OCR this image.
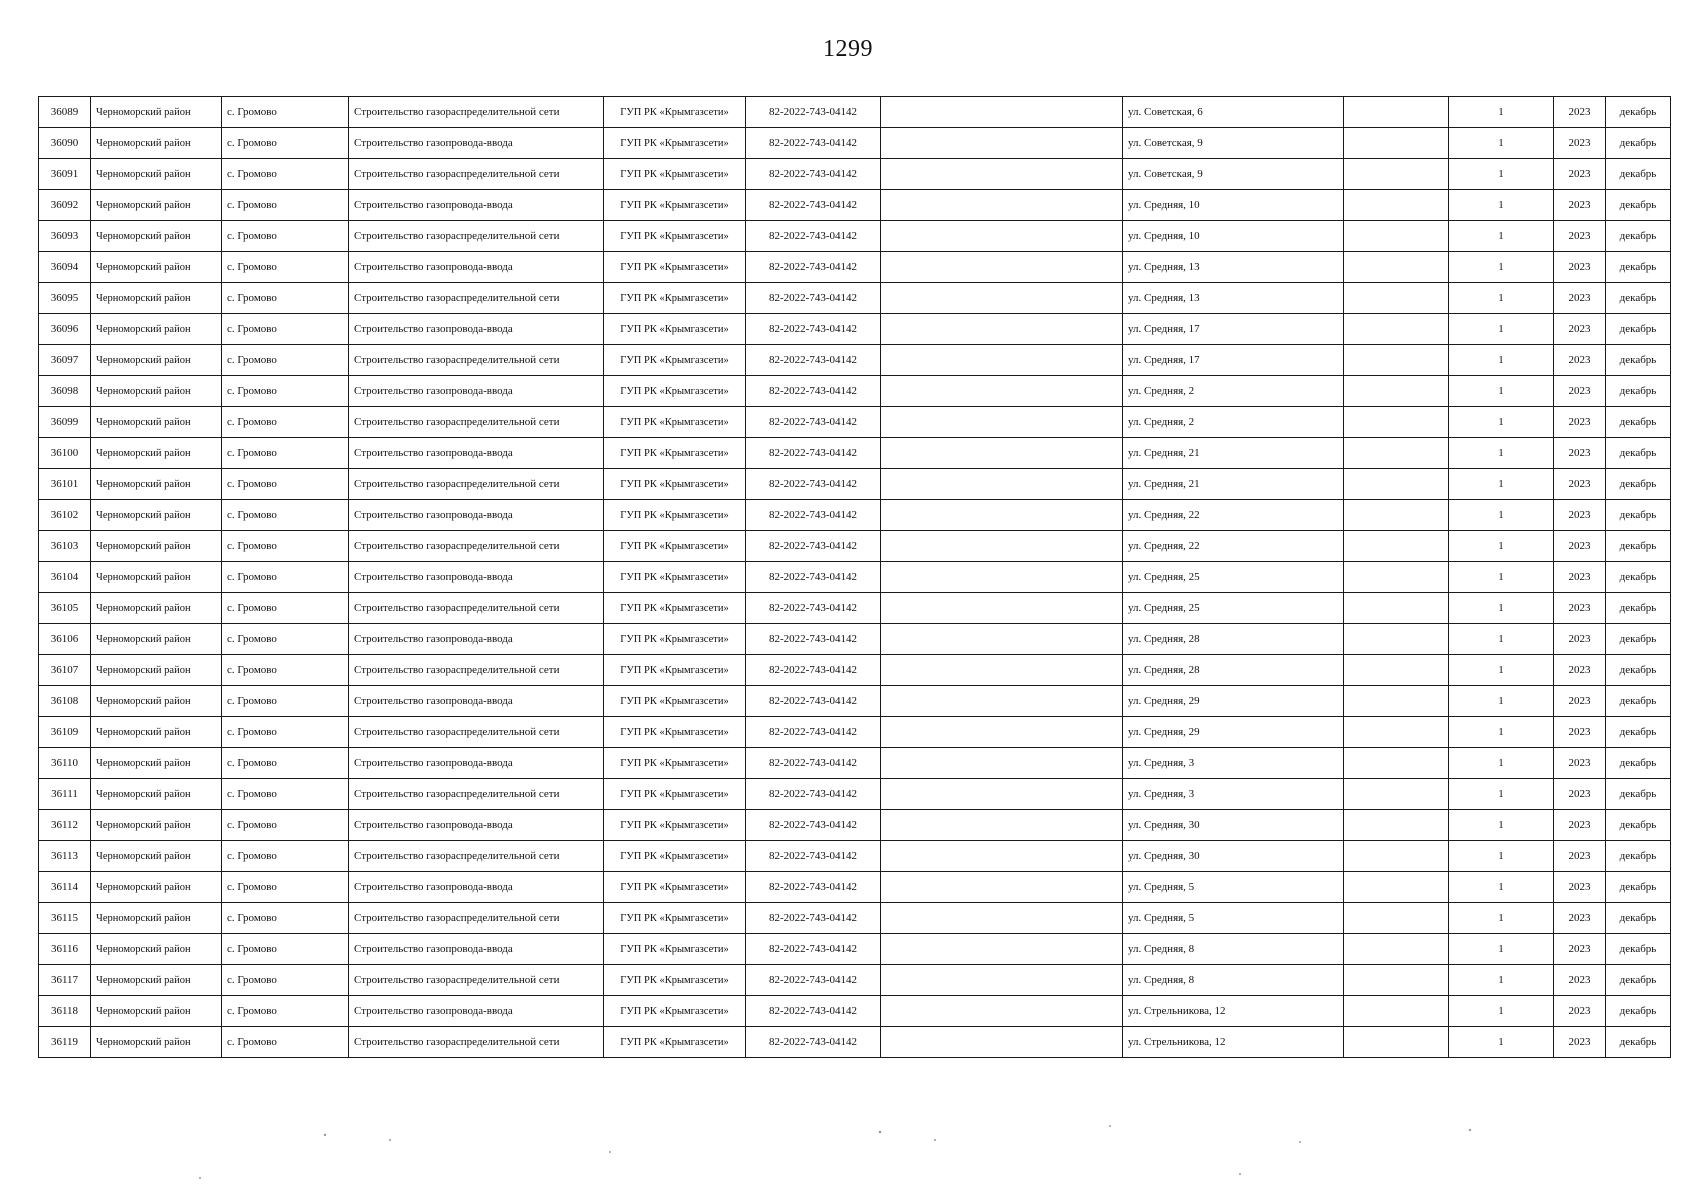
1299
36089	Черноморский район	с. Громово	Строительство газораспределительной сети	ГУП РК «Крымгазсети»	82-2022-743-04142		ул. Советская, 6		1	2023	декабрь
36090	Черноморский район	с. Громово	Строительство газопровода-ввода	ГУП РК «Крымгазсети»	82-2022-743-04142		ул. Советская, 9		1	2023	декабрь
36091	Черноморский район	с. Громово	Строительство газораспределительной сети	ГУП РК «Крымгазсети»	82-2022-743-04142		ул. Советская, 9		1	2023	декабрь
36092	Черноморский район	с. Громово	Строительство газопровода-ввода	ГУП РК «Крымгазсети»	82-2022-743-04142		ул. Средняя, 10		1	2023	декабрь
36093	Черноморский район	с. Громово	Строительство газораспределительной сети	ГУП РК «Крымгазсети»	82-2022-743-04142		ул. Средняя, 10		1	2023	декабрь
36094	Черноморский район	с. Громово	Строительство газопровода-ввода	ГУП РК «Крымгазсети»	82-2022-743-04142		ул. Средняя, 13		1	2023	декабрь
36095	Черноморский район	с. Громово	Строительство газораспределительной сети	ГУП РК «Крымгазсети»	82-2022-743-04142		ул. Средняя, 13		1	2023	декабрь
36096	Черноморский район	с. Громово	Строительство газопровода-ввода	ГУП РК «Крымгазсети»	82-2022-743-04142		ул. Средняя, 17		1	2023	декабрь
36097	Черноморский район	с. Громово	Строительство газораспределительной сети	ГУП РК «Крымгазсети»	82-2022-743-04142		ул. Средняя, 17		1	2023	декабрь
36098	Черноморский район	с. Громово	Строительство газопровода-ввода	ГУП РК «Крымгазсети»	82-2022-743-04142		ул. Средняя, 2		1	2023	декабрь
36099	Черноморский район	с. Громово	Строительство газораспределительной сети	ГУП РК «Крымгазсети»	82-2022-743-04142		ул. Средняя, 2		1	2023	декабрь
36100	Черноморский район	с. Громово	Строительство газопровода-ввода	ГУП РК «Крымгазсети»	82-2022-743-04142		ул. Средняя, 21		1	2023	декабрь
36101	Черноморский район	с. Громово	Строительство газораспределительной сети	ГУП РК «Крымгазсети»	82-2022-743-04142		ул. Средняя, 21		1	2023	декабрь
36102	Черноморский район	с. Громово	Строительство газопровода-ввода	ГУП РК «Крымгазсети»	82-2022-743-04142		ул. Средняя, 22		1	2023	декабрь
36103	Черноморский район	с. Громово	Строительство газораспределительной сети	ГУП РК «Крымгазсети»	82-2022-743-04142		ул. Средняя, 22		1	2023	декабрь
36104	Черноморский район	с. Громово	Строительство газопровода-ввода	ГУП РК «Крымгазсети»	82-2022-743-04142		ул. Средняя, 25		1	2023	декабрь
36105	Черноморский район	с. Громово	Строительство газораспределительной сети	ГУП РК «Крымгазсети»	82-2022-743-04142		ул. Средняя, 25		1	2023	декабрь
36106	Черноморский район	с. Громово	Строительство газопровода-ввода	ГУП РК «Крымгазсети»	82-2022-743-04142		ул. Средняя, 28		1	2023	декабрь
36107	Черноморский район	с. Громово	Строительство газораспределительной сети	ГУП РК «Крымгазсети»	82-2022-743-04142		ул. Средняя, 28		1	2023	декабрь
36108	Черноморский район	с. Громово	Строительство газопровода-ввода	ГУП РК «Крымгазсети»	82-2022-743-04142		ул. Средняя, 29		1	2023	декабрь
36109	Черноморский район	с. Громово	Строительство газораспределительной сети	ГУП РК «Крымгазсети»	82-2022-743-04142		ул. Средняя, 29		1	2023	декабрь
36110	Черноморский район	с. Громово	Строительство газопровода-ввода	ГУП РК «Крымгазсети»	82-2022-743-04142		ул. Средняя, 3		1	2023	декабрь
36111	Черноморский район	с. Громово	Строительство газораспределительной сети	ГУП РК «Крымгазсети»	82-2022-743-04142		ул. Средняя, 3		1	2023	декабрь
36112	Черноморский район	с. Громово	Строительство газопровода-ввода	ГУП РК «Крымгазсети»	82-2022-743-04142		ул. Средняя, 30		1	2023	декабрь
36113	Черноморский район	с. Громово	Строительство газораспределительной сети	ГУП РК «Крымгазсети»	82-2022-743-04142		ул. Средняя, 30		1	2023	декабрь
36114	Черноморский район	с. Громово	Строительство газопровода-ввода	ГУП РК «Крымгазсети»	82-2022-743-04142		ул. Средняя, 5		1	2023	декабрь
36115	Черноморский район	с. Громово	Строительство газораспределительной сети	ГУП РК «Крымгазсети»	82-2022-743-04142		ул. Средняя, 5		1	2023	декабрь
36116	Черноморский район	с. Громово	Строительство газопровода-ввода	ГУП РК «Крымгазсети»	82-2022-743-04142		ул. Средняя, 8		1	2023	декабрь
36117	Черноморский район	с. Громово	Строительство газораспределительной сети	ГУП РК «Крымгазсети»	82-2022-743-04142		ул. Средняя, 8		1	2023	декабрь
36118	Черноморский район	с. Громово	Строительство газопровода-ввода	ГУП РК «Крымгазсети»	82-2022-743-04142		ул. Стрельникова, 12		1	2023	декабрь
36119	Черноморский район	с. Громово	Строительство газораспределительной сети	ГУП РК «Крымгазсети»	82-2022-743-04142		ул. Стрельникова, 12		1	2023	декабрь
